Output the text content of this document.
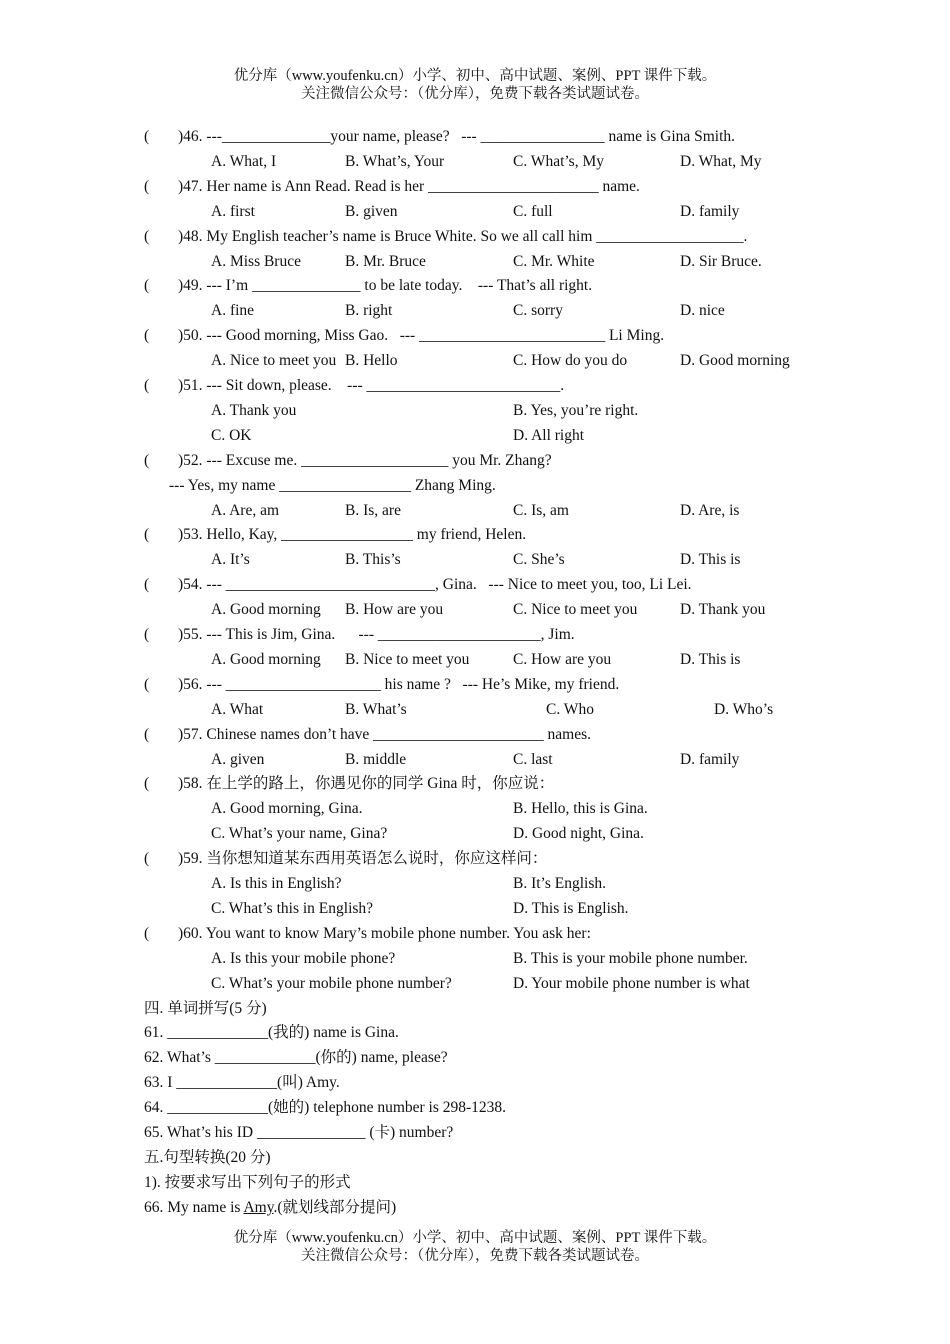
优分库（www.youfenku.cn）小学、初中、高中试题、案例、PPT 课件下载。
关注微信公众号：（优分库），免费下载各类试题试卷。
( )46. ---______________your name, please?   --- ________________ name is Gina Smith.
A. What, I	B. What’s, Your	C. What’s, My	D. What, My
( )47. Her name is Ann Read. Read is her ______________________ name.
A. first	B. given	C. full	D. family
( )48. My English teacher’s name is Bruce White. So we all call him ___________________.
A. Miss Bruce	B. Mr. Bruce	C. Mr. White	D. Sir Bruce.
( )49. --- I’m ______________ to be late today.    --- That’s all right.
A. fine	B. right	C. sorry	D. nice
( )50. --- Good morning, Miss Gao.   --- ________________________ Li Ming.
A. Nice to meet you B. Hello	C. How do you do	D. Good morning
( )51. --- Sit down, please.    --- _________________________.
A. Thank you	B. Yes, you’re right.
C. OK	D. All right
( )52. --- Excuse me. ___________________ you Mr. Zhang?
--- Yes, my name _________________ Zhang Ming.
A. Are, am	B. Is, are	C. Is, am	D. Are, is
( )53. Hello, Kay, _________________ my friend, Helen.
A. It’s	B. This’s	C. She’s	D. This is
( )54. --- ___________________________, Gina.   --- Nice to meet you, too, Li Lei.
A. Good morning B. How are you	C. Nice to meet you	D. Thank you
( )55. --- This is Jim, Gina.      --- _____________________, Jim.
A. Good morning B. Nice to meet you	C. How are you	D. This is
( )56. --- ____________________ his name ?   --- He’s Mike, my friend.
A. What	B. What’s	C. Who	D. Who’s
( )57. Chinese names don’t have ______________________ names.
A. given	B. middle	C. last	D. family
( )58. 在上学的路上，你遇见你的同学 Gina 时，你应说：
A. Good morning, Gina.	B. Hello, this is Gina.
C. What’s your name, Gina?	D. Good night, Gina.
( )59. 当你想知道某东西用英语怎么说时，你应这样问：
A. Is this in English?	B. It’s English.
C. What’s this in English?	D. This is English.
( )60. You want to know Mary’s mobile phone number. You ask her:
A. Is this your mobile phone?	B. This is your mobile phone number.
C. What’s your mobile phone number?	D. Your mobile phone number is what
四. 单词拼写(5 分)
61. _____________(我的) name is Gina.
62. What’s _____________(你的) name, please?
63. I _____________(叫) Amy.
64. _____________(她的) telephone number is 298-1238.
65. What’s his ID ______________ (卡) number?
五.句型转换(20 分)
1). 按要求写出下列句子的形式
66. My name is Amy.(就划线部分提问)
优分库（www.youfenku.cn）小学、初中、高中试题、案例、PPT 课件下载。
关注微信公众号：（优分库），免费下载各类试题试卷。
